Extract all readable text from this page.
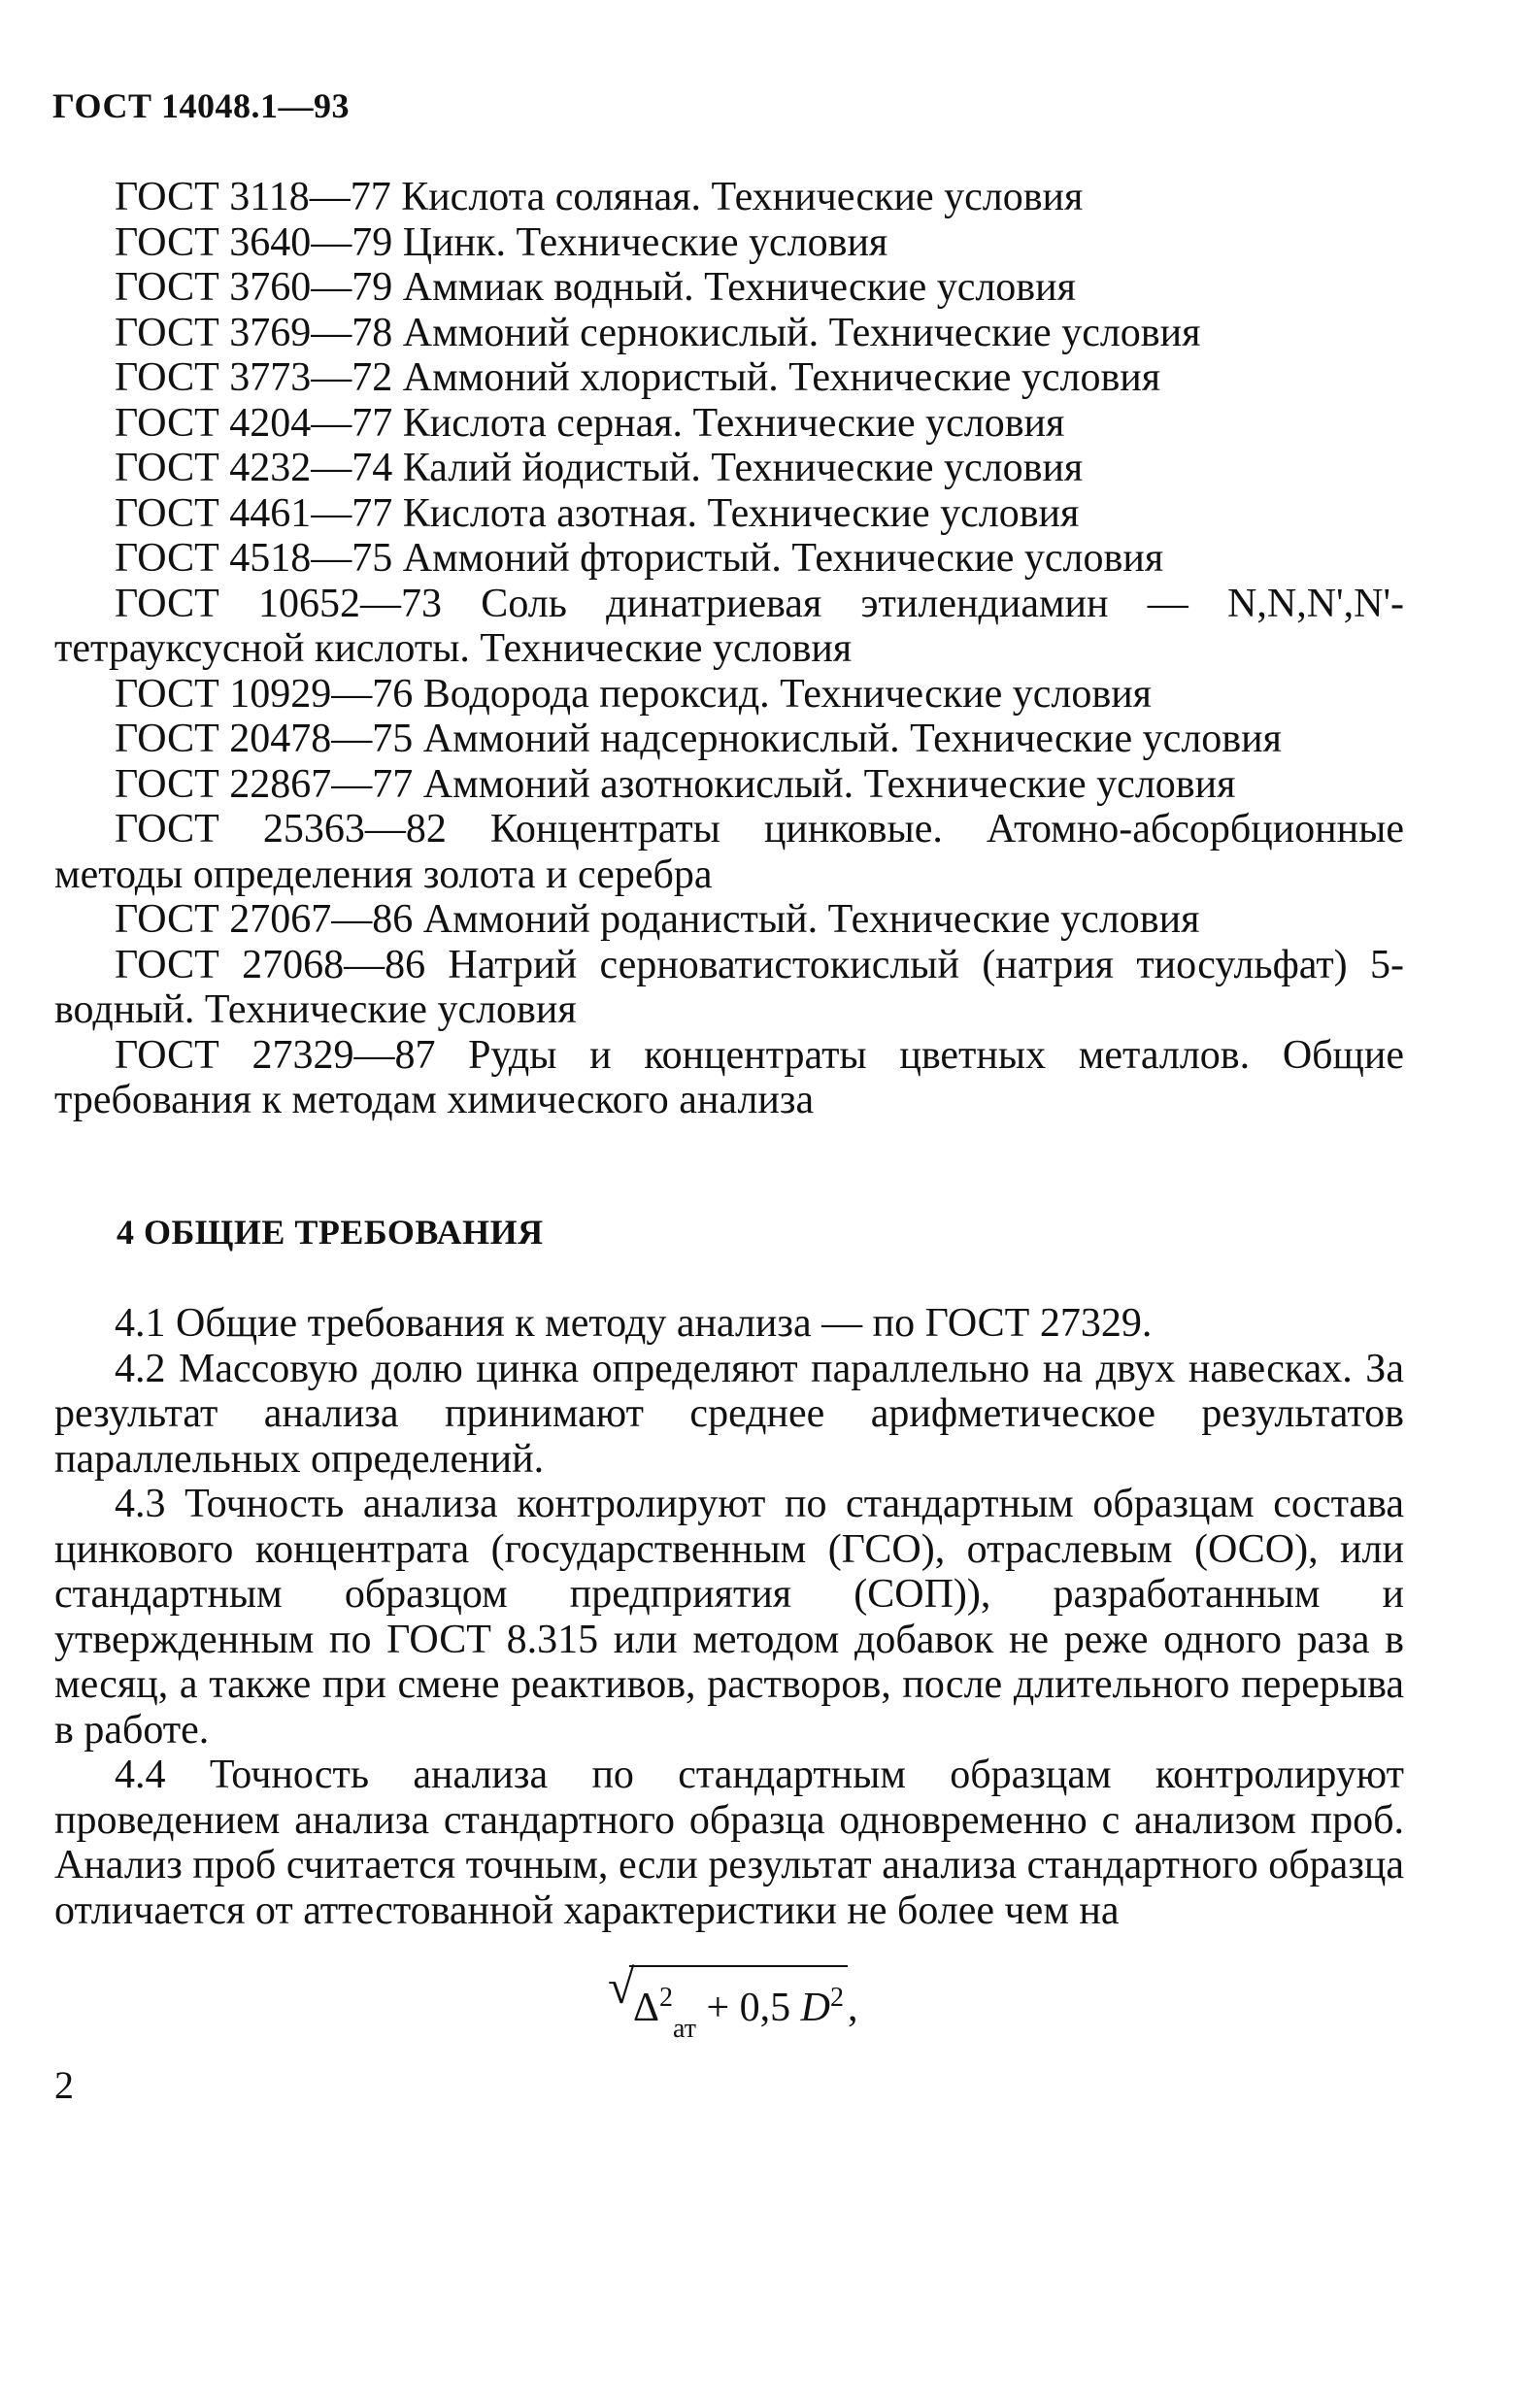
ГОСТ 14048.1—93

ГОСТ 3118—77 Кислота соляная. Технические условия

ГОСТ 3640—79 Цинк. Технические условия

ГОСТ 3760—79 Аммиак водный. Технические условия

ГОСТ 3769—78 Аммоний сернокислый. Технические условия

ГОСТ 3773—72 Аммоний хлористый. Технические условия

ГОСТ 4204—77 Кислота серная. Технические условия

ГОСТ 4232—74 Калий йодистый. Технические условия

ГОСТ 4461—77 Кислота азотная. Технические условия

ГОСТ 4518—75 Аммоний фтористый. Технические условия

ГОСТ 10652—73 Соль динатриевая этилендиамин — N,N,N',N'-тетрауксусной кислоты. Технические условия

ГОСТ 10929—76 Водорода пероксид. Технические условия

ГОСТ 20478—75 Аммоний надсернокислый. Технические условия

ГОСТ 22867—77 Аммоний азотнокислый. Технические условия

ГОСТ 25363—82 Концентраты цинковые. Атомно-абсорбционные методы определения золота и серебра

ГОСТ 27067—86 Аммоний роданистый. Технические условия

ГОСТ 27068—86 Натрий серноватистокислый (натрия тиосульфат) 5-водный. Технические условия

ГОСТ 27329—87 Руды и концентраты цветных металлов. Общие требования к методам химического анализа

4 ОБЩИЕ ТРЕБОВАНИЯ

4.1 Общие требования к методу анализа — по ГОСТ 27329.

4.2 Массовую долю цинка определяют параллельно на двух навесках. За результат анализа принимают среднее арифметическое результатов параллельных определений.

4.3 Точность анализа контролируют по стандартным образцам состава цинкового концентрата (государственным (ГСО), отраслевым (ОСО), или стандартным образцом предприятия (СОП)), разработанным и утвержденным по ГОСТ 8.315 или методом добавок не реже одного раза в месяц, а также при смене реактивов, растворов, после длительного перерыва в работе.

4.4 Точность анализа по стандартным образцам контролируют проведением анализа стандартного образца одновременно с анализом проб. Анализ проб считается точным, если результат анализа стандартного образца отличается от аттестованной характеристики не более чем на

√
$\Delta^2_{ат} + 0,5$ $D^2$,
2
